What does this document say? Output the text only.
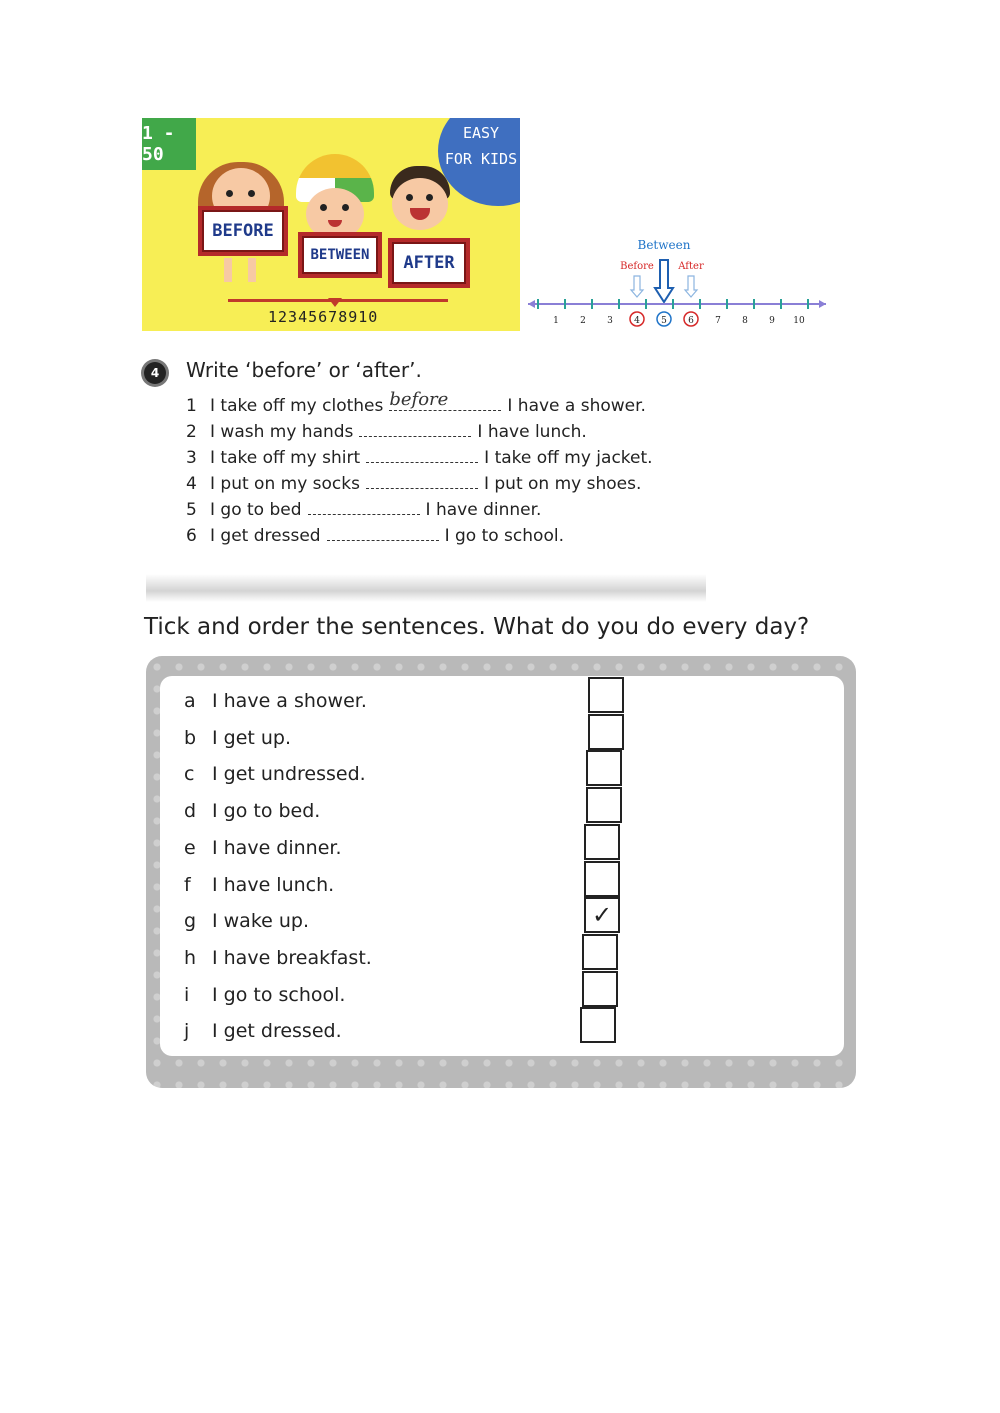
1 - 50
EASY
FOR KIDS
BEFORE
BETWEEN	AFTER
12345678910
Between
Before After
1 2 3 4 5 6 7 8 9 10
4	Write ‘before’ or ‘after’.
1 I take off my clothes before	I have a shower.
2 I wash my hands	I have lunch.
3 I take off my shirt	I take off my jacket.
4 I put on my socks	I put on my shoes.
5 I go to bed	I have dinner.
6 I get dressed	I go to school.
Tick and order the sentences. What do you do every day?
a I have a shower.
b I get up.
c I get undressed.
d I go to bed.
e I have dinner.
f I have lunch.
g I wake up.	✓
h I have breakfast.
i I go to school.
j I get dressed.
